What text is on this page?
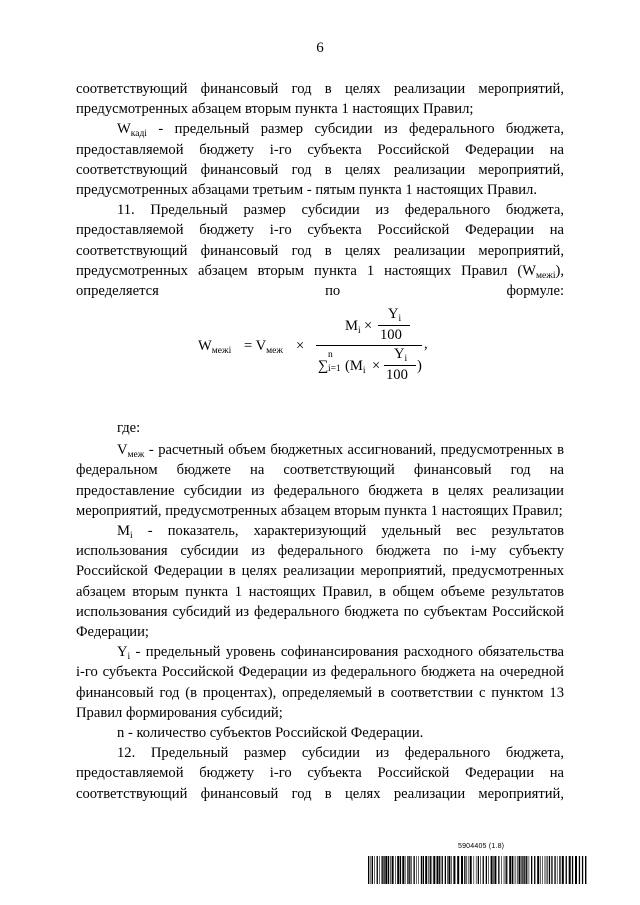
6

соответствующий финансовый год в целях реализации мероприятий, предусмотренных абзацем вторым пункта 1 настоящих Правил;

$W_{кадi}$ - предельный размер субсидии из федерального бюджета, предоставляемой бюджету i-го субъекта Российской Федерации на соответствующий финансовый год в целях реализации мероприятий, предусмотренных абзацами третьим - пятым пункта 1 настоящих Правил.

11. Предельный размер субсидии из федерального бюджета, предоставляемой бюджету i-го субъекта Российской Федерации на соответствующий финансовый год в целях реализации мероприятий, предусмотренных абзацем вторым пункта 1 настоящих Правил $(W_{межi})$, определяется по формуле:

$W_{межi} = V_{меж}$ ×
$M_i$ ×
$Y_i$
100
,
∑
n
i=1 ($M_i$ ×
$Y_i$
100
)

где:

$V_{меж}$ - расчетный объем бюджетных ассигнований, предусмотренных в федеральном бюджете на соответствующий финансовый год на предоставление субсидии из федерального бюджета в целях реализации мероприятий, предусмотренных абзацем вторым пункта 1 настоящих Правил;

$M_i$ - показатель, характеризующий удельный вес результатов использования субсидии из федерального бюджета по i-му субъекту Российской Федерации в целях реализации мероприятий, предусмотренных абзацем вторым пункта 1 настоящих Правил, в общем объеме результатов использования субсидий из федерального бюджета по субъектам Российской Федерации;

$Y_i$ - предельный уровень софинансирования расходного обязательства i-го субъекта Российской Федерации из федерального бюджета на очередной финансовый год (в процентах), определяемый в соответствии с пунктом 13 Правил формирования субсидий;

n - количество субъектов Российской Федерации.

12. Предельный размер субсидии из федерального бюджета, предоставляемой бюджету i-го субъекта Российской Федерации на соответствующий финансовый год в целях реализации мероприятий,

5904405 (1.8)
